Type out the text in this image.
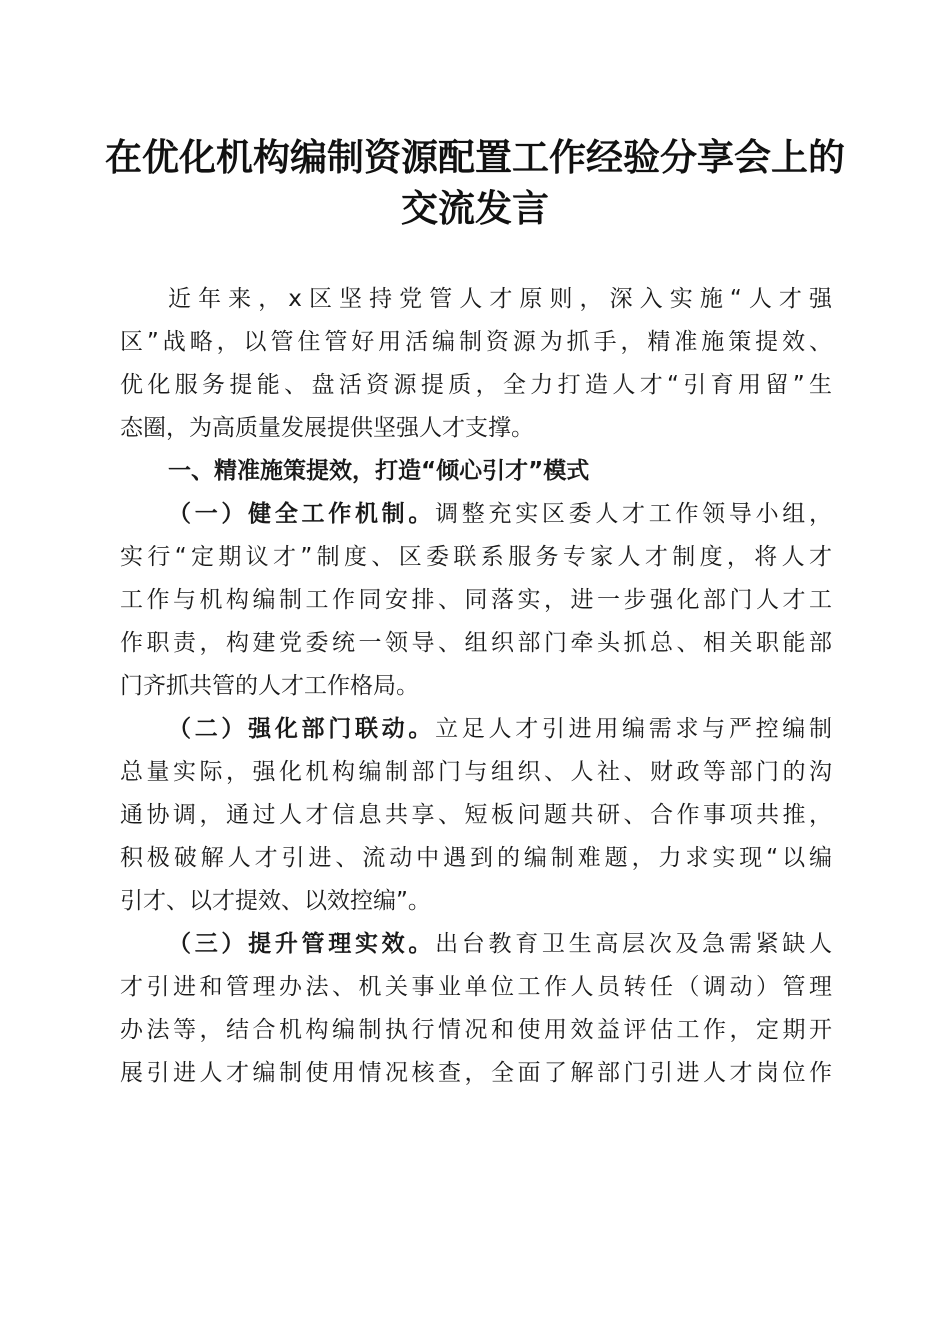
在优化机构编制资源配置工作经验分享会上的
交流发言
近年来，x区坚持党管人才原则，深入实施“人才强
区”战略，以管住管好用活编制资源为抓手，精准施策提效、
优化服务提能、盘活资源提质，全力打造人才“引育用留”生
态圈，为高质量发展提供坚强人才支撑。
一、精准施策提效，打造“倾心引才”模式
（一）健全工作机制。调整充实区委人才工作领导小组，
实行“定期议才”制度、区委联系服务专家人才制度，将人才
工作与机构编制工作同安排、同落实，进一步强化部门人才工
作职责，构建党委统一领导、组织部门牵头抓总、相关职能部
门齐抓共管的人才工作格局。
（二）强化部门联动。立足人才引进用编需求与严控编制
总量实际，强化机构编制部门与组织、人社、财政等部门的沟
通协调，通过人才信息共享、短板问题共研、合作事项共推，
积极破解人才引进、流动中遇到的编制难题，力求实现“以编
引才、以才提效、以效控编”。
（三）提升管理实效。出台教育卫生高层次及急需紧缺人
才引进和管理办法、机关事业单位工作人员转任（调动）管理
办法等，结合机构编制执行情况和使用效益评估工作，定期开
展引进人才编制使用情况核查，全面了解部门引进人才岗位作
